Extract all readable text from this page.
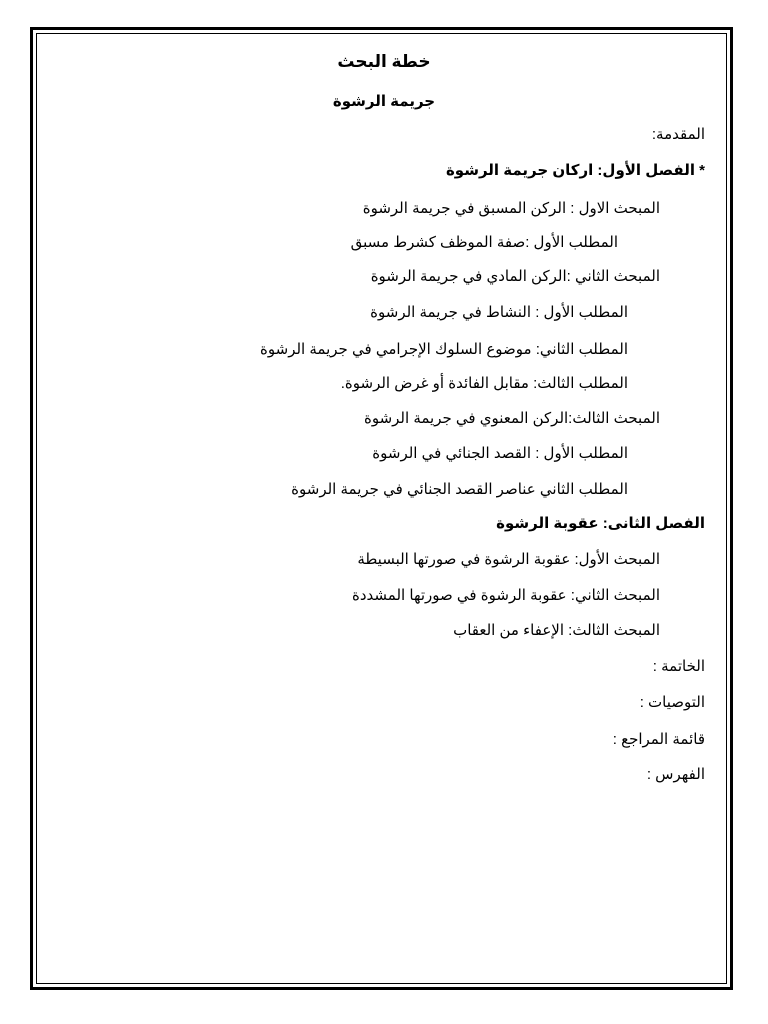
خطة البحث
جريمة الرشوة
المقدمة:
* الفصل الأول: اركان جريمة الرشوة
المبحث الاول : الركن المسبق في جريمة الرشوة
المطلب الأول :صفة الموظف كشرط مسبق
المبحث الثاني :الركن المادي في جريمة الرشوة
المطلب الأول : النشاط في جريمة الرشوة
المطلب الثاني: موضوع السلوك الإجرامي في جريمة الرشوة
المطلب الثالث: مقابل الفائدة أو غرض الرشوة.
المبحث الثالث:الركن المعنوي في جريمة الرشوة
المطلب الأول : القصد الجنائي في الرشوة
المطلب الثاني عناصر القصد الجنائي في جريمة الرشوة
الفصل الثانى: عقوبة الرشوة
المبحث الأول: عقوبة الرشوة في صورتها البسيطة
المبحث الثاني: عقوبة الرشوة في صورتها المشددة
المبحث الثالث: الإعفاء من العقاب
الخاتمة :
التوصيات :
قائمة المراجع :
الفهرس :
